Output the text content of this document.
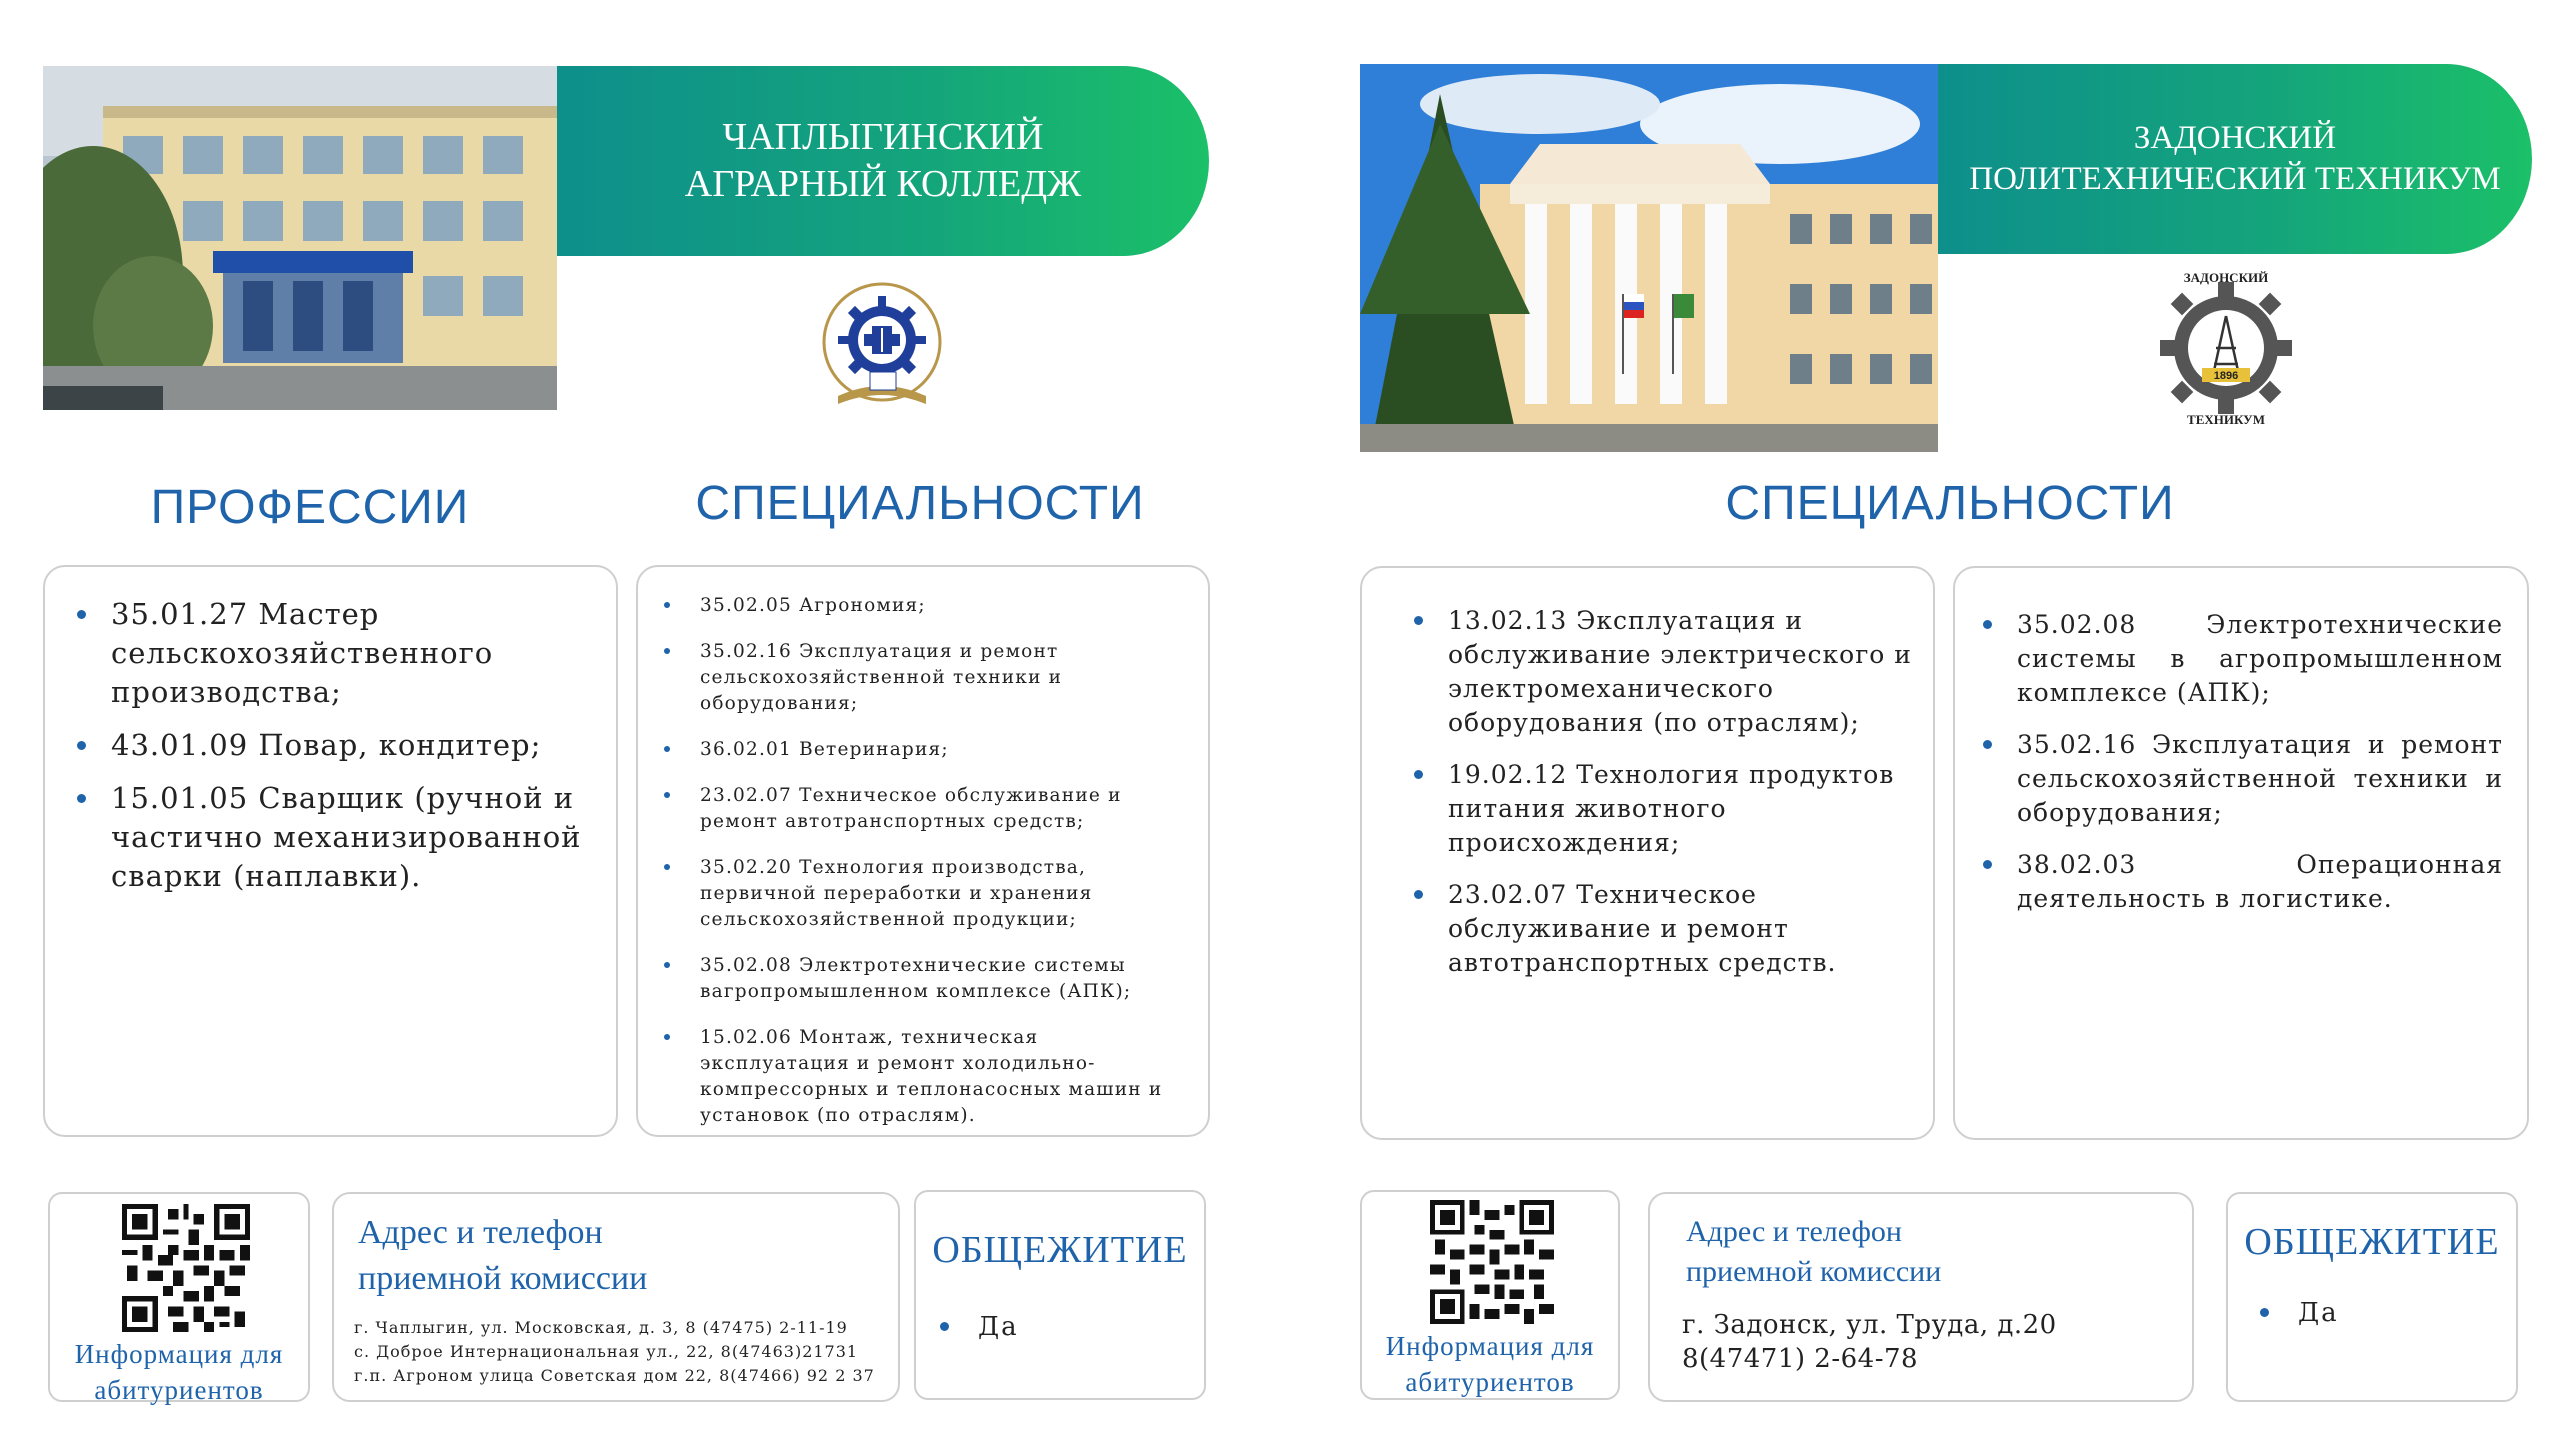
ЧАПЛЫГИНСКИЙ
АГРАРНЫЙ КОЛЛЕДЖ
ПРОФЕССИИ	СПЕЦИАЛЬНОСТИ
35.01.27 Мастер сельскохозяйственного производства;
43.01.09 Повар, кондитер;
15.01.05 Сварщик (ручной и частично механизированной сварки (наплавки).
35.02.05 Агрономия;
35.02.16 Эксплуатация и ремонт сельскохозяйственной техники и оборудования;
36.02.01 Ветеринария;
23.02.07 Техническое обслуживание и ремонт автотранспортных средств;
35.02.20 Технология производства, первичной переработки и хранения сельскохозяйственной продукции;
35.02.08 Электротехнические системы вагропромышленном комплексе (АПК);
15.02.06 Монтаж, техническая эксплуатация и ремонт холодильно-компрессорных и теплонасосных машин и установок (по отраслям).
Информация для
абитуриентов
Адрес и телефон
приемной комиссии
г. Чаплыгин, ул. Московская, д. 3, 8 (47475) 2-11-19
с. Доброе Интернациональная ул., 22, 8(47463)21731
г.п. Агроном улица Советская дом 22, 8(47466) 92 2 37
ОБЩЕЖИТИЕ
Да
ЗАДОНСКИЙ
ПОЛИТЕХНИЧЕСКИЙ ТЕХНИКУМ
1896
ЗАДОНСКИЙ
ТЕХНИКУМ
СПЕЦИАЛЬНОСТИ
13.02.13 Эксплуатация и обслуживание электрического и электромеханического оборудования (по отраслям);
19.02.12 Технология продуктов питания животного происхождения;
23.02.07 Техническое обслуживание и ремонт автотранспортных средств.
35.02.08 Электротехнические системы в агропромышленном комплексе (АПК);
35.02.16 Эксплуатация и ремонт сельскохозяйственной техники и оборудования;
38.02.03 Операционная деятельность в логистике.
Информация для
абитуриентов
Адрес и телефон
приемной комиссии
г. Задонск, ул. Труда, д.20
8(47471) 2-64-78
ОБЩЕЖИТИЕ
Да
